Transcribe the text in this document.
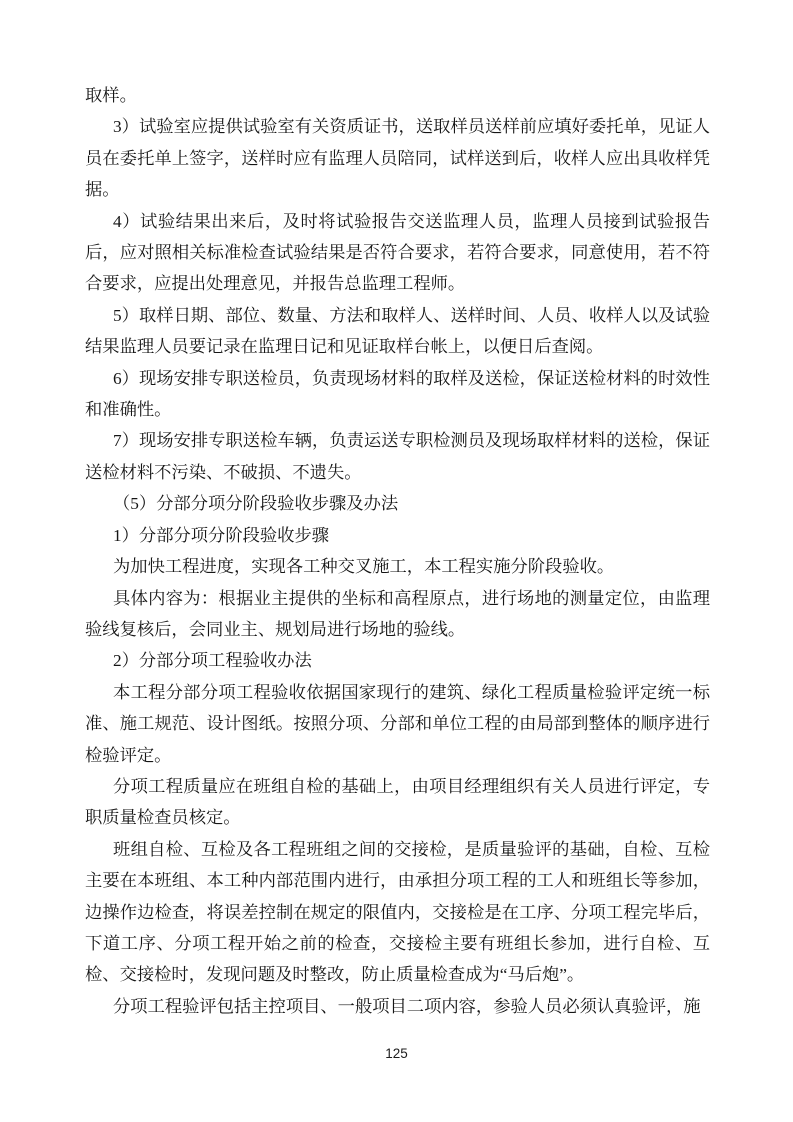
取样。

3）试验室应提供试验室有关资质证书，送取样员送样前应填好委托单，见证人员在委托单上签字，送样时应有监理人员陪同，试样送到后，收样人应出具收样凭据。

4）试验结果出来后，及时将试验报告交送监理人员，监理人员接到试验报告后，应对照相关标准检查试验结果是否符合要求，若符合要求，同意使用，若不符合要求，应提出处理意见，并报告总监理工程师。

5）取样日期、部位、数量、方法和取样人、送样时间、人员、收样人以及试验结果监理人员要记录在监理日记和见证取样台帐上，以便日后查阅。

6）现场安排专职送检员，负责现场材料的取样及送检，保证送检材料的时效性和准确性。

7）现场安排专职送检车辆，负责运送专职检测员及现场取样材料的送检，保证送检材料不污染、不破损、不遗失。

（5）分部分项分阶段验收步骤及办法

1）分部分项分阶段验收步骤

为加快工程进度，实现各工种交叉施工，本工程实施分阶段验收。

具体内容为：根据业主提供的坐标和高程原点，进行场地的测量定位，由监理验线复核后，会同业主、规划局进行场地的验线。

2）分部分项工程验收办法

本工程分部分项工程验收依据国家现行的建筑、绿化工程质量检验评定统一标准、施工规范、设计图纸。按照分项、分部和单位工程的由局部到整体的顺序进行检验评定。

分项工程质量应在班组自检的基础上，由项目经理组织有关人员进行评定，专职质量检查员核定。

班组自检、互检及各工程班组之间的交接检，是质量验评的基础，自检、互检主要在本班组、本工种内部范围内进行，由承担分项工程的工人和班组长等参加，边操作边检查，将误差控制在规定的限值内，交接检是在工序、分项工程完毕后，下道工序、分项工程开始之前的检查，交接检主要有班组长参加，进行自检、互检、交接检时，发现问题及时整改，防止质量检查成为“马后炮”。

分项工程验评包括主控项目、一般项目二项内容，参验人员必须认真验评，施

125
